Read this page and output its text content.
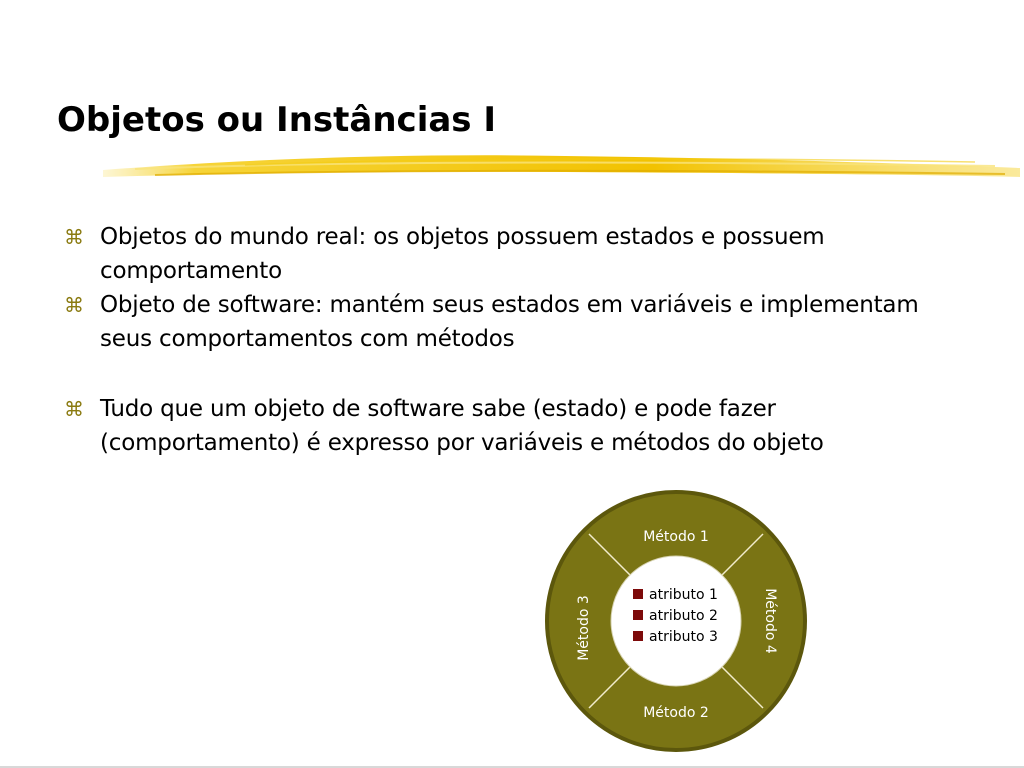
Objetos ou Instâncias I
⌘ Objetos do mundo real: os objetos possuem estados e possuem comportamento
⌘ Objeto de software: mantém seus estados em variáveis e implementam seus comportamentos com métodos
⌘ Tudo que um objeto de software sabe (estado) e pode fazer (comportamento) é expresso por variáveis e métodos do objeto
Método 1
Método 2
Método 3	Método 4
atributo 1
atributo 2
atributo 3
